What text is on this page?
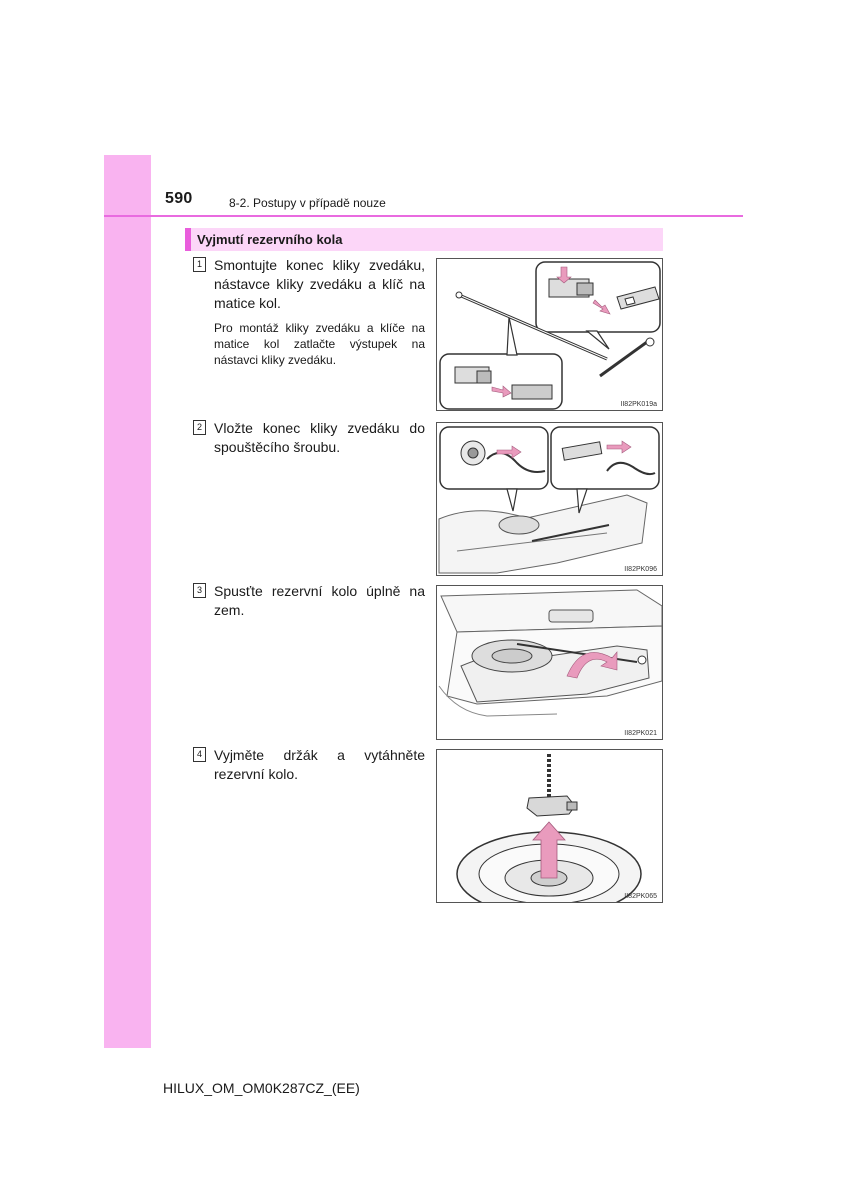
590	8-2. Postupy v případě nouze
Vyjmutí rezervního kola
1 Smontujte konec kliky zvedáku, nástavce kliky zvedáku a klíč na matice kol.
Pro montáž kliky zvedáku a klíče na matice kol zatlačte výstupek na nástavci kliky zvedáku.
II82PK019a
2 Vložte konec kliky zvedáku do spouštěcího šroubu.
II82PK096
3 Spusťte rezervní kolo úplně na zem.
II82PK021
4 Vyjměte držák a vytáhněte rezervní kolo.
II82PK065
HILUX_OM_OM0K287CZ_(EE)
